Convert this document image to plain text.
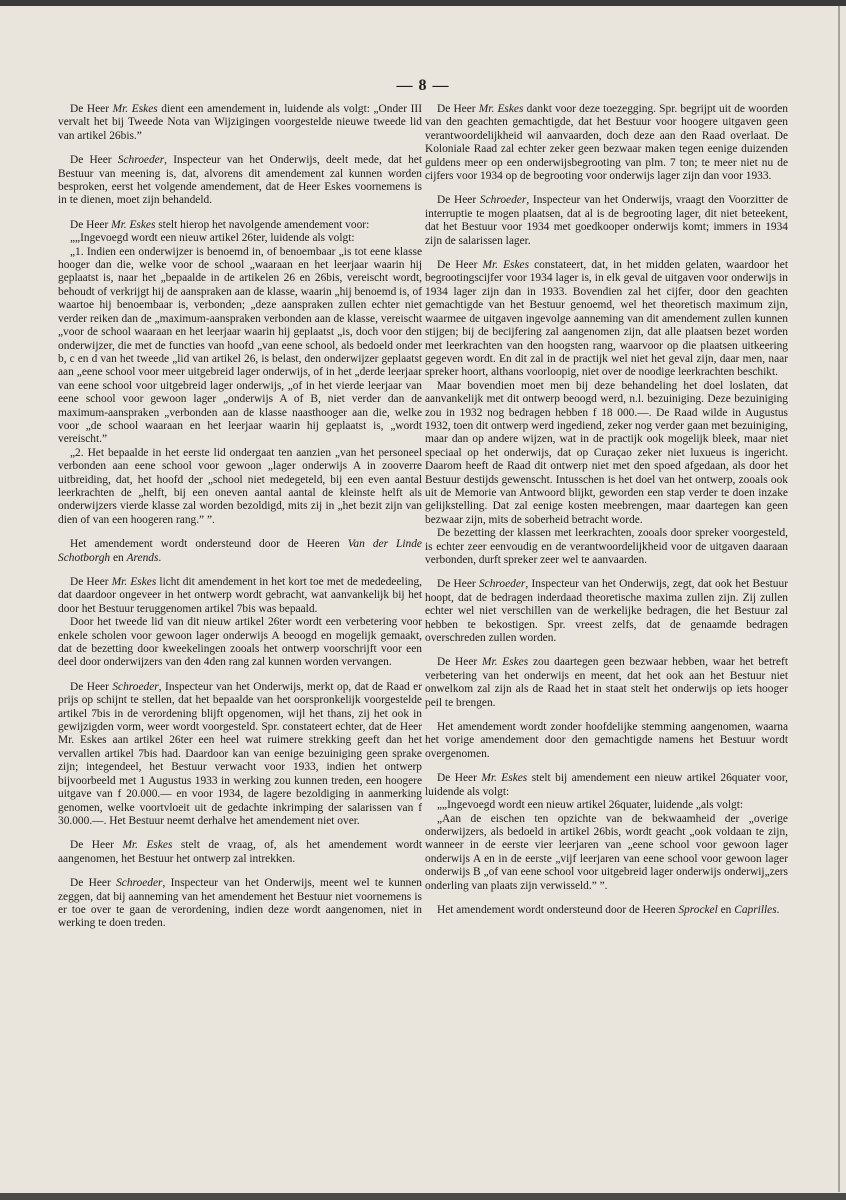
— 8 —

De Heer Mr. Eskes dient een amendement in, luidende als volgt: „Onder III vervalt het bij Tweede Nota van Wijzigingen voorgestelde nieuwe tweede lid van artikel 26bis.”

De Heer Schroeder, Inspecteur van het Onderwijs, deelt mede, dat het Bestuur van meening is, dat, alvorens dit amendement zal kunnen worden besproken, eerst het volgende amendement, dat de Heer Eskes voornemens is in te dienen, moet zijn behandeld.

De Heer Mr. Eskes stelt hierop het navolgende amendement voor:

„„Ingevoegd wordt een nieuw artikel 26ter, luidende als volgt:

„1. Indien een onderwijzer is benoemd in, of benoembaar „is tot eene klasse hooger dan die, welke voor de school „waaraan en het leerjaar waarin hij geplaatst is, naar het „bepaalde in de artikelen 26 en 26bis, vereischt wordt, behoudt of verkrijgt hij de aanspraken aan de klasse, waarin „hij benoemd is, of waartoe hij benoembaar is, verbonden; „deze aanspraken zullen echter niet verder reiken dan de „maximum-aanspraken verbonden aan de klasse, vereischt „voor de school waaraan en het leerjaar waarin hij geplaatst „is, doch voor den onderwijzer, die met de functies van hoofd „van eene school, als bedoeld onder b, c en d van het tweede „lid van artikel 26, is belast, den onderwijzer geplaatst aan „eene school voor meer uitgebreid lager onderwijs, of in het „derde leerjaar van eene school voor uitgebreid lager onderwijs, „of in het vierde leerjaar van eene school voor gewoon lager „onderwijs A of B, niet verder dan de maximum-aanspraken „verbonden aan de klasse naasthooger aan die, welke voor „de school waaraan en het leerjaar waarin hij geplaatst is, „wordt vereischt.”

„2. Het bepaalde in het eerste lid ondergaat ten aanzien „van het personeel verbonden aan eene school voor gewoon „lager onderwijs A in zooverre uitbreiding, dat, het hoofd der „school niet medegeteld, bij een even aantal leerkrachten de „helft, bij een oneven aantal aantal de kleinste helft als onderwijzers vierde klasse zal worden bezoldigd, mits zij in „het bezit zijn van dien of van een hoogeren rang.” ”.

Het amendement wordt ondersteund door de Heeren Van der Linde Schotborgh en Arends.

De Heer Mr. Eskes licht dit amendement in het kort toe met de mededeeling, dat daardoor ongeveer in het ontwerp wordt gebracht, wat aanvankelijk bij het door het Bestuur teruggenomen artikel 7bis was bepaald.

Door het tweede lid van dit nieuw artikel 26ter wordt een verbetering voor enkele scholen voor gewoon lager onderwijs A beoogd en mogelijk gemaakt, dat de bezetting door kweekelingen zooals het ontwerp voorschrijft voor een deel door onderwijzers van den 4den rang zal kunnen worden vervangen.

De Heer Schroeder, Inspecteur van het Onderwijs, merkt op, dat de Raad er prijs op schijnt te stellen, dat het bepaalde van het oorspronkelijk voorgestelde artikel 7bis in de verordening blijft opgenomen, wijl het thans, zij het ook in gewijzigden vorm, weer wordt voorgesteld. Spr. constateert echter, dat de Heer Mr. Eskes aan artikel 26ter een heel wat ruimere strekking geeft dan het vervallen artikel 7bis had. Daardoor kan van eenige bezuiniging geen sprake zijn; integendeel, het Bestuur verwacht voor 1933, indien het ontwerp bijvoorbeeld met 1 Augustus 1933 in werking zou kunnen treden, een hoogere uitgave van f 20.000.— en voor 1934, de lagere bezoldiging in aanmerking genomen, welke voortvloeit uit de gedachte inkrimping der salarissen van f 30.000.—. Het Bestuur neemt derhalve het amendement niet over.

De Heer Mr. Eskes stelt de vraag, of, als het amendement wordt aangenomen, het Bestuur het ontwerp zal intrekken.

De Heer Schroeder, Inspecteur van het Onderwijs, meent wel te kunnen zeggen, dat bij aanneming van het amendement het Bestuur niet voornemens is er toe over te gaan de verordening, indien deze wordt aangenomen, niet in werking te doen treden.

De Heer Mr. Eskes dankt voor deze toezegging. Spr. begrijpt uit de woorden van den geachten gemachtigde, dat het Bestuur voor hoogere uitgaven geen verantwoordelijkheid wil aanvaarden, doch deze aan den Raad overlaat. De Koloniale Raad zal echter zeker geen bezwaar maken tegen eenige duizenden guldens meer op een onderwijsbegrooting van plm. 7 ton; te meer niet nu de cijfers voor 1934 op de begrooting voor onderwijs lager zijn dan voor 1933.

De Heer Schroeder, Inspecteur van het Onderwijs, vraagt den Voorzitter de interruptie te mogen plaatsen, dat al is de begrooting lager, dit niet beteekent, dat het Bestuur voor 1934 met goedkooper onderwijs komt; immers in 1934 zijn de salarissen lager.

De Heer Mr. Eskes constateert, dat, in het midden gelaten, waardoor het begrootingscijfer voor 1934 lager is, in elk geval de uitgaven voor onderwijs in 1934 lager zijn dan in 1933. Bovendien zal het cijfer, door den geachten gemachtigde van het Bestuur genoemd, wel het theoretisch maximum zijn, waarmee de uitgaven ingevolge aanneming van dit amendement zullen kunnen stijgen; bij de becijfering zal aangenomen zijn, dat alle plaatsen bezet worden met leerkrachten van den hoogsten rang, waarvoor op die plaatsen uitkeering gegeven wordt. En dit zal in de practijk wel niet het geval zijn, daar men, naar spreker hoort, althans voorloopig, niet over de noodige leerkrachten beschikt.

Maar bovendien moet men bij deze behandeling het doel loslaten, dat aanvankelijk met dit ontwerp beoogd werd, n.l. bezuiniging. Deze bezuiniging zou in 1932 nog bedragen hebben f 18 000.—. De Raad wilde in Augustus 1932, toen dit ontwerp werd ingediend, zeker nog verder gaan met bezuiniging, maar dan op andere wijzen, wat in de practijk ook mogelijk bleek, maar niet speciaal op het onderwijs, dat op Curaçao zeker niet luxueus is ingericht. Daarom heeft de Raad dit ontwerp niet met den spoed afgedaan, als door het Bestuur destijds gewenscht. Intusschen is het doel van het ontwerp, zooals ook uit de Memorie van Antwoord blijkt, geworden een stap verder te doen inzake gelijkstelling. Dat zal eenige kosten meebrengen, maar daartegen kan geen bezwaar zijn, mits de soberheid betracht worde.

De bezetting der klassen met leerkrachten, zooals door spreker voorgesteld, is echter zeer eenvoudig en de verantwoordelijkheid voor de uitgaven daaraan verbonden, durft spreker zeer wel te aanvaarden.

De Heer Schroeder, Inspecteur van het Onderwijs, zegt, dat ook het Bestuur hoopt, dat de bedragen inderdaad theoretische maxima zullen zijn. Zij zullen echter wel niet verschillen van de werkelijke bedragen, die het Bestuur zal hebben te bekostigen. Spr. vreest zelfs, dat de genaamde bedragen overschreden zullen worden.

De Heer Mr. Eskes zou daartegen geen bezwaar hebben, waar het betreft verbetering van het onderwijs en meent, dat het ook aan het Bestuur niet onwelkom zal zijn als de Raad het in staat stelt het onderwijs op iets hooger peil te brengen.

Het amendement wordt zonder hoofdelijke stemming aangenomen, waarna het vorige amendement door den gemachtigde namens het Bestuur wordt overgenomen.

De Heer Mr. Eskes stelt bij amendement een nieuw artikel 26quater voor, luidende als volgt:

„„Ingevoegd wordt een nieuw artikel 26quater, luidende „als volgt:

„Aan de eischen ten opzichte van de bekwaamheid der „overige onderwijzers, als bedoeld in artikel 26bis, wordt geacht „ook voldaan te zijn, wanneer in de eerste vier leerjaren van „eene school voor gewoon lager onderwijs A en in de eerste „vijf leerjaren van eene school voor gewoon lager onderwijs B „of van eene school voor uitgebreid lager onderwijs onderwij„zers onderling van plaats zijn verwisseld.” ”.

Het amendement wordt ondersteund door de Heeren Sprockel en Caprilles.
